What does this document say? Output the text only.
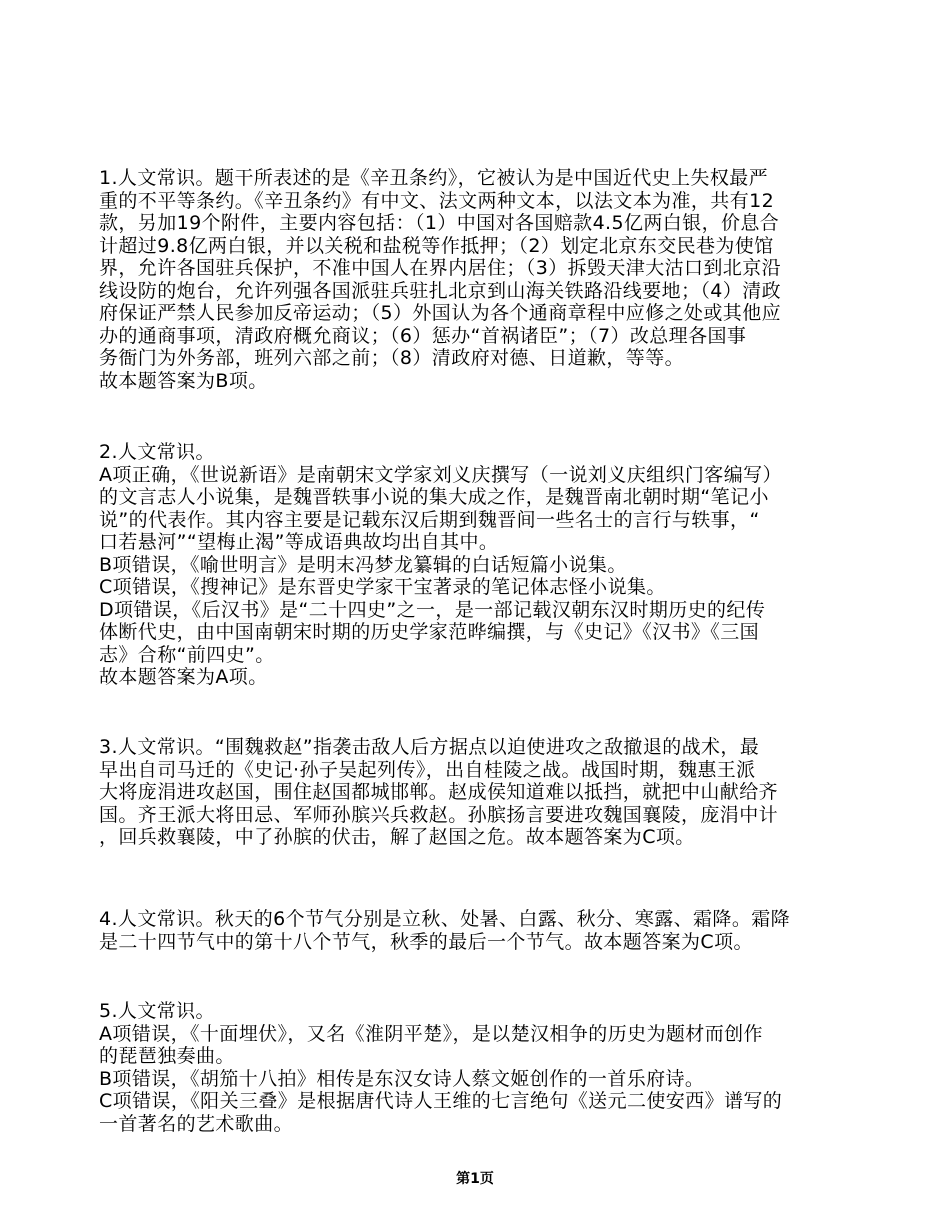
1.人文常识。题干所表述的是《辛丑条约》，它被认为是中国近代史上失权最严
重的不平等条约。《辛丑条约》有中文、法文两种文本，以法文本为准，共有12
款，另加19个附件，主要内容包括：（1）中国对各国赔款4.5亿两白银，价息合
计超过9.8亿两白银，并以关税和盐税等作抵押；（2）划定北京东交民巷为使馆
界，允许各国驻兵保护，不准中国人在界内居住；（3）拆毁天津大沽口到北京沿
线设防的炮台，允许列强各国派驻兵驻扎北京到山海关铁路沿线要地；（4）清政
府保证严禁人民参加反帝运动；（5）外国认为各个通商章程中应修之处或其他应
办的通商事项，清政府概允商议；（6）惩办“首祸诸臣”；（7）改总理各国事
务衙门为外务部，班列六部之前；（8）清政府对德、日道歉，等等。
故本题答案为B项。
2.人文常识。
A项正确，《世说新语》是南朝宋文学家刘义庆撰写（一说刘义庆组织门客编写）
的文言志人小说集，是魏晋轶事小说的集大成之作，是魏晋南北朝时期“笔记小
说”的代表作。其内容主要是记载东汉后期到魏晋间一些名士的言行与轶事，“
口若悬河”“望梅止渴”等成语典故均出自其中。
B项错误，《喻世明言》是明末冯梦龙纂辑的白话短篇小说集。
C项错误，《搜神记》是东晋史学家干宝著录的笔记体志怪小说集。
D项错误，《后汉书》是“二十四史”之一，是一部记载汉朝东汉时期历史的纪传
体断代史，由中国南朝宋时期的历史学家范晔编撰，与《史记》《汉书》《三国
志》合称“前四史”。
故本题答案为A项。
3.人文常识。“围魏救赵”指袭击敌人后方据点以迫使进攻之敌撤退的战术，最
早出自司马迁的《史记·孙子吴起列传》，出自桂陵之战。战国时期，魏惠王派
大将庞涓进攻赵国，围住赵国都城邯郸。赵成侯知道难以抵挡，就把中山献给齐
国。齐王派大将田忌、军师孙膑兴兵救赵。孙膑扬言要进攻魏国襄陵，庞涓中计
，回兵救襄陵，中了孙膑的伏击，解了赵国之危。故本题答案为C项。
4.人文常识。秋天的6个节气分别是立秋、处暑、白露、秋分、寒露、霜降。霜降
是二十四节气中的第十八个节气，秋季的最后一个节气。故本题答案为C项。
5.人文常识。
A项错误，《十面埋伏》，又名《淮阴平楚》，是以楚汉相争的历史为题材而创作
的琵琶独奏曲。
B项错误，《胡笳十八拍》相传是东汉女诗人蔡文姬创作的一首乐府诗。
C项错误，《阳关三叠》是根据唐代诗人王维的七言绝句《送元二使安西》谱写的
一首著名的艺术歌曲。
第1页
